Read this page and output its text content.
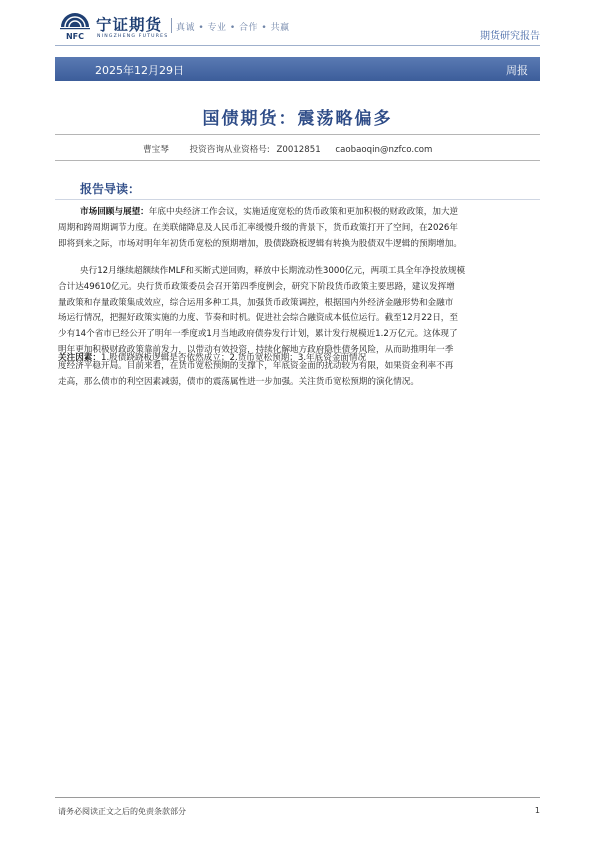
NFC
宁证期货
NINGZHENG FUTURES
真诚 • 专业 • 合作 • 共赢
期货研究报告
2025年12月29日	周报
国债期货：震荡略偏多
曹宝琴 投资咨询从业资格号: Z0012851 caobaoqin@nzfco.com
报告导读：
市场回顾与展望：年底中央经济工作会议，实施适度宽松的货币政策和更加积极的财政政策，加大逆
周期和跨周期调节力度。在美联储降息及人民币汇率缓慢升级的背景下，货币政策打开了空间，在2026年
即将到来之际，市场对明年年初货币宽松的预期增加，股债跷跷板逻辑有转换为股债双牛逻辑的预期增加。
央行12月继续超额续作MLF和买断式逆回购，释放中长期流动性3000亿元，两项工具全年净投放规模
合计达49610亿元。央行货币政策委员会召开第四季度例会，研究下阶段货币政策主要思路，建议发挥增
量政策和存量政策集成效应，综合运用多种工具，加强货币政策调控，根据国内外经济金融形势和金融市
场运行情况，把握好政策实施的力度、节奏和时机。促进社会综合融资成本低位运行。截至12月22日，至
少有14个省市已经公开了明年一季度或1月当地政府债券发行计划，累计发行规模近1.2万亿元。这体现了
明年更加积极财政政策靠前发力，以带动有效投资，持续化解地方政府隐性债务风险，从而助推明年一季
度经济平稳开局。目前来看，在货币宽松预期的支撑下，年底资金面的扰动较为有限，如果资金利率不再
走高，那么债市的利空因素减弱，债市的震荡属性进一步加强。关注货币宽松预期的演化情况。
关注因素：1.股债跷跷板逻辑是否依然成立；2.货币宽松预期；3.年底资金面情况
请务必阅读正文之后的免责条款部分	1
